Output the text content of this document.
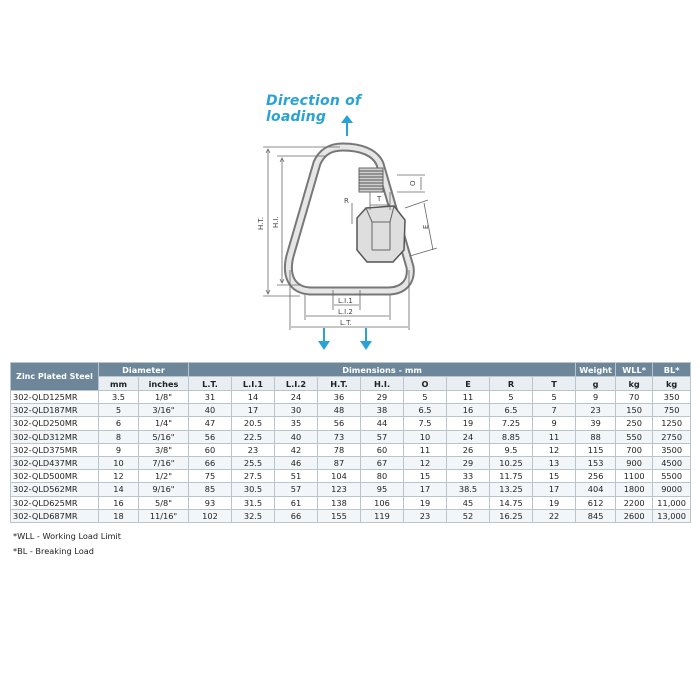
Direction of loading
H.T. H.I.
L.I.1
L.I.2
L.T.
R	T
O
E
Zinc Plated Steel	Diameter		Dimensions - mm									Weight	WLL*	BL*
	mm	inches	L.T.	L.I.1	L.I.2	H.T.	H.I.	O	E	R	T	g	kg	kg
302-QLD125MR	3.5	1/8"	31	14	24	36	29	5	11	5	5	9	70	350
302-QLD187MR	5	3/16"	40	17	30	48	38	6.5	16	6.5	7	23	150	750
302-QLD250MR	6	1/4"	47	20.5	35	56	44	7.5	19	7.25	9	39	250	1250
302-QLD312MR	8	5/16"	56	22.5	40	73	57	10	24	8.85	11	88	550	2750
302-QLD375MR	9	3/8"	60	23	42	78	60	11	26	9.5	12	115	700	3500
302-QLD437MR	10	7/16"	66	25.5	46	87	67	12	29	10.25	13	153	900	4500
302-QLD500MR	12	1/2"	75	27.5	51	104	80	15	33	11.75	15	256	1100	5500
302-QLD562MR	14	9/16"	85	30.5	57	123	95	17	38.5	13.25	17	404	1800	9000
302-QLD625MR	16	5/8"	93	31.5	61	138	106	19	45	14.75	19	612	2200	11,000
302-QLD687MR	18	11/16"	102	32.5	66	155	119	23	52	16.25	22	845	2600	13,000
*WLL - Working Load Limit
*BL - Breaking Load
